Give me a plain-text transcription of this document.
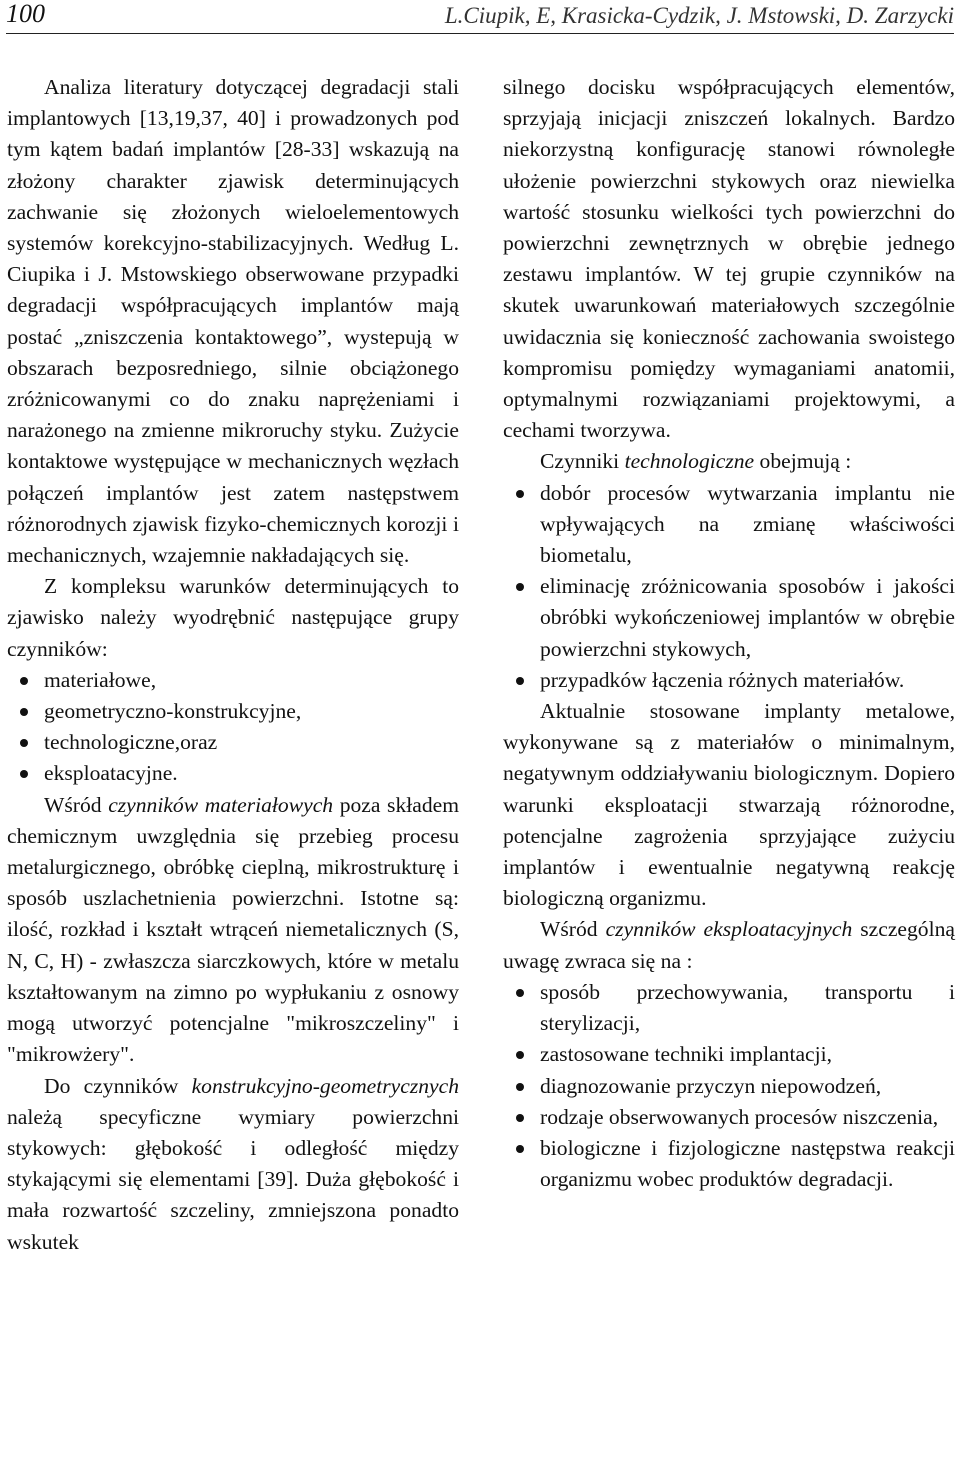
100	L.Ciupik, E, Krasicka-Cydzik, J. Mstowski, D. Zarzycki

Analiza literatury dotyczącej degradacji stali implantowych [13,19,37, 40] i prowadzonych pod tym kątem badań implantów [28-33] wskazują na złożony charakter zjawisk determinujących zachwanie się złożonych wieloelementowych systemów korekcyjno-stabilizacyjnych. Według L. Ciupika i J. Mstowskiego obserwowane przypadki degradacji współpracujących implantów mają postać „zniszczenia kontaktowego”, wystepują w obszarach bezposredniego, silnie obciążonego zróżnicowanymi co do znaku naprężeniami i narażonego na zmienne mikroruchy styku. Zużycie kontaktowe występujące w mechanicznych węzłach połączeń implantów jest zatem następstwem różnorodnych zjawisk fizyko-chemicznych korozji i mechanicznych, wzajemnie nakładających się.

Z kompleksu warunków determinujących to zjawisko należy wyodrębnić następujące grupy czynników:

materiałowe,
geometryczno-konstrukcyjne,
technologiczne,oraz
eksploatacyjne.

Wśród czynników materiałowych poza składem chemicznym uwzględnia się przebieg procesu metalurgicznego, obróbkę cieplną, mikrostrukturę i sposób uszlachetnienia powierzchni. Istotne są: ilość, rozkład i kształt wtrąceń niemetalicznych (S, N, C, H) - zwłaszcza siarczkowych, które w metalu kształtowanym na zimno po wypłukaniu z osnowy mogą utworzyć potencjalne "mikroszczeliny" i "mikrowżery".

Do czynników konstrukcyjno-geometrycznych należą specyficzne wymiary powierzchni stykowych: głębokość i odległość między stykającymi się elementami [39]. Duża głębokość i mała rozwartość szczeliny, zmniejszona ponadto wskutek

silnego docisku współpracujących elementów, sprzyjają inicjacji zniszczeń lokalnych. Bardzo niekorzystną konfigurację stanowi równoległe ułożenie powierzchni stykowych oraz niewielka wartość stosunku wielkości tych powierzchni do powierzchni zewnętrznych w obrębie jednego zestawu implantów. W tej grupie czynników na skutek uwarunkowań materiałowych szczególnie uwidacznia się konieczność zachowania swoistego kompromisu pomiędzy wymaganiami anatomii, optymalnymi rozwiązaniami projektowymi, a cechami tworzywa.

Czynniki technologiczne obejmują :

dobór procesów wytwarzania implantu nie wpływających na zmianę właściwości biometalu,
eliminację zróżnicowania sposobów i jakości obróbki wykończeniowej implantów w obrębie powierzchni stykowych,
przypadków łączenia różnych materiałów.

Aktualnie stosowane implanty metalowe, wykonywane są z materiałów o minimalnym, negatywnym oddziaływaniu biologicznym. Dopiero warunki eksploatacji stwarzają różnorodne, potencjalne zagrożenia sprzyjające zużyciu implantów i ewentualnie negatywną reakcję biologiczną organizmu.

Wśród czynników eksploatacyjnych szczególną uwagę zwraca się na :

sposób przechowywania, transportu i sterylizacji,
zastosowane techniki implantacji,
diagnozowanie przyczyn niepowodzeń,
rodzaje obserwowanych procesów niszczenia,
biologiczne i fizjologiczne następstwa reakcji organizmu wobec produktów degradacji.
